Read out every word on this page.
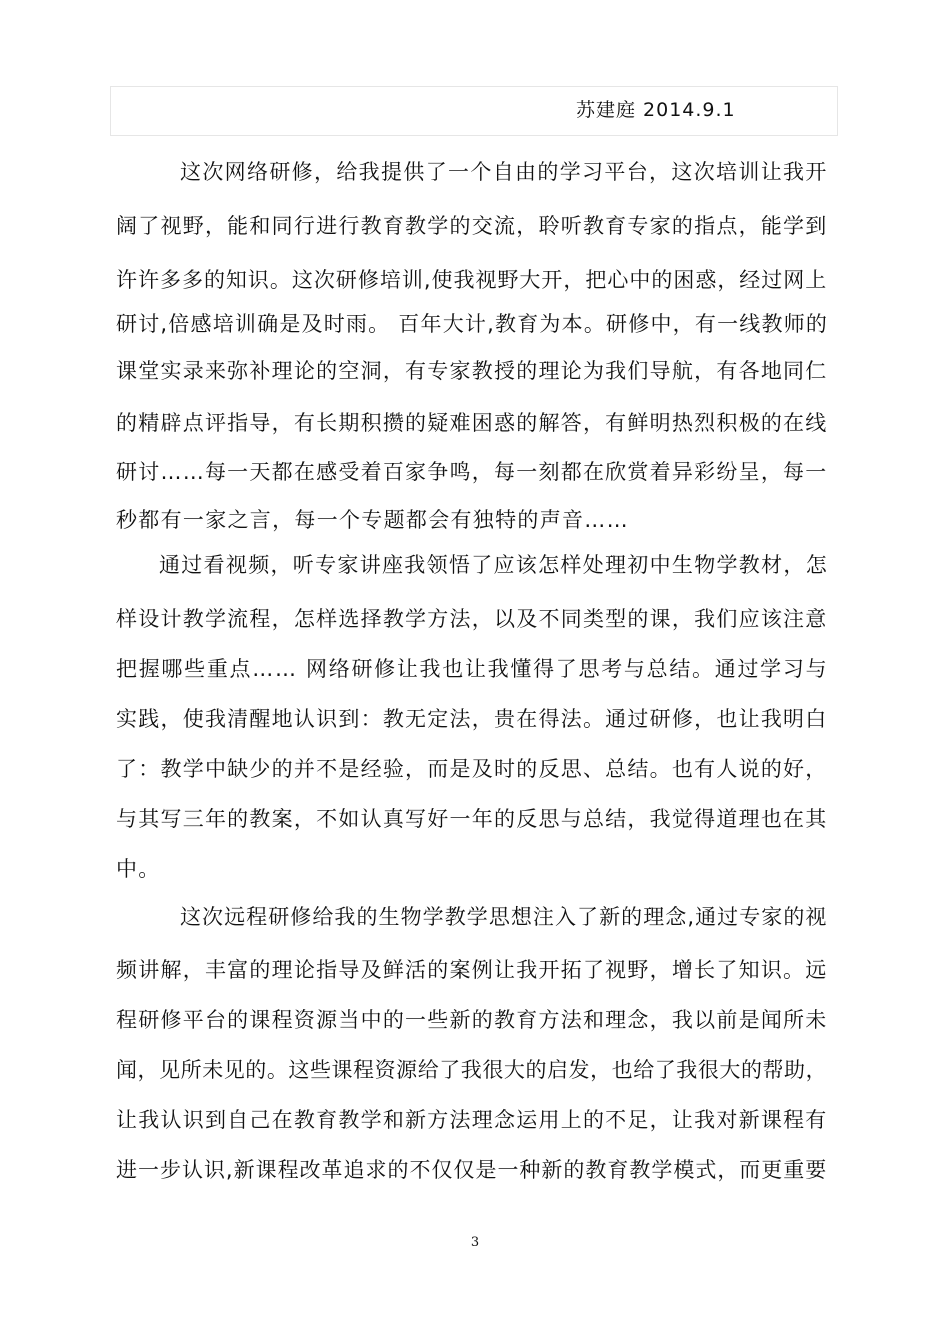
苏建庭 2014.9.1
这次网络研修，给我提供了一个自由的学习平台，这次培训让我开
阔了视野，能和同行进行教育教学的交流，聆听教育专家的指点，能学到
许许多多的知识。这次研修培训,使我视野大开，把心中的困惑，经过网上
研讨,倍感培训确是及时雨。 百年大计,教育为本。研修中，有一线教师的
课堂实录来弥补理论的空洞，有专家教授的理论为我们导航，有各地同仁
的精辟点评指导，有长期积攒的疑难困惑的解答，有鲜明热烈积极的在线
研讨……每一天都在感受着百家争鸣，每一刻都在欣赏着异彩纷呈，每一
秒都有一家之言，每一个专题都会有独特的声音……
通过看视频，听专家讲座我领悟了应该怎样处理初中生物学教材，怎
样设计教学流程，怎样选择教学方法，以及不同类型的课，我们应该注意
把握哪些重点…… 网络研修让我也让我懂得了思考与总结。通过学习与
实践，使我清醒地认识到：教无定法，贵在得法。通过研修，也让我明白
了：教学中缺少的并不是经验，而是及时的反思、总结。也有人说的好，
与其写三年的教案，不如认真写好一年的反思与总结，我觉得道理也在其
中。
这次远程研修给我的生物学教学思想注入了新的理念,通过专家的视
频讲解，丰富的理论指导及鲜活的案例让我开拓了视野，增长了知识。远
程研修平台的课程资源当中的一些新的教育方法和理念，我以前是闻所未
闻，见所未见的。这些课程资源给了我很大的启发，也给了我很大的帮助，
让我认识到自己在教育教学和新方法理念运用上的不足，让我对新课程有
进一步认识,新课程改革追求的不仅仅是一种新的教育教学模式，而更重要
3
